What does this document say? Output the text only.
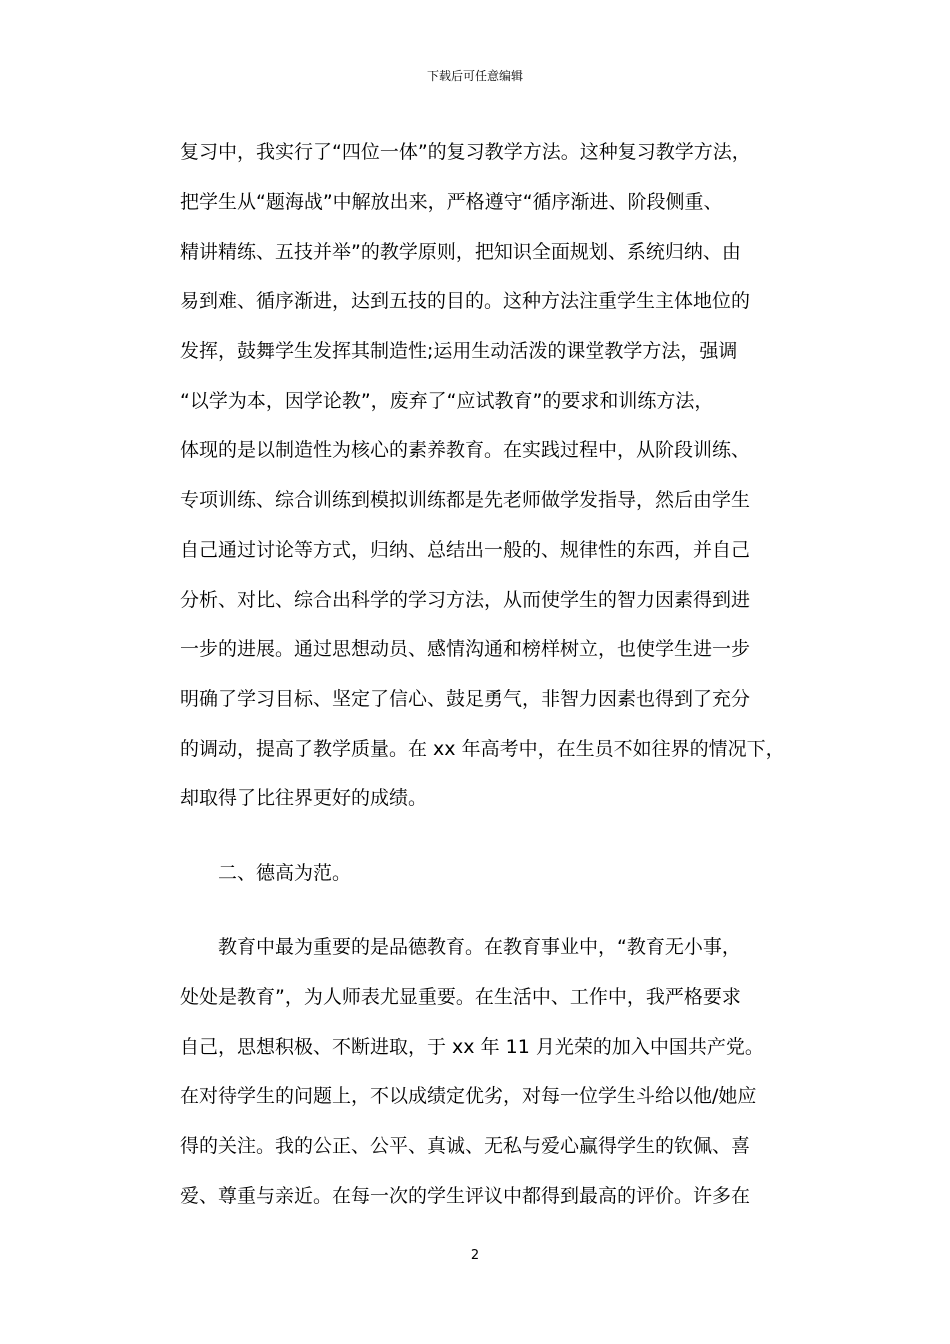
下载后可任意编辑
复习中，我实行了“四位一体”的复习教学方法。这种复习教学方法，
把学生从“题海战”中解放出来，严格遵守“循序渐进、阶段侧重、
精讲精练、五技并举”的教学原则，把知识全面规划、系统归纳、由
易到难、循序渐进，达到五技的目的。这种方法注重学生主体地位的
发挥，鼓舞学生发挥其制造性;运用生动活泼的课堂教学方法，强调
“以学为本，因学论教”，废弃了“应试教育”的要求和训练方法，
体现的是以制造性为核心的素养教育。在实践过程中，从阶段训练、
专项训练、综合训练到模拟训练都是先老师做学发指导，然后由学生
自己通过讨论等方式，归纳、总结出一般的、规律性的东西，并自己
分析、对比、综合出科学的学习方法，从而使学生的智力因素得到进
一步的进展。通过思想动员、感情沟通和榜样树立，也使学生进一步
明确了学习目标、坚定了信心、鼓足勇气，非智力因素也得到了充分
的调动，提高了教学质量。在 xx 年高考中，在生员不如往界的情况下，
却取得了比往界更好的成绩。
二、德高为范。
教育中最为重要的是品德教育。在教育事业中，“教育无小事，
处处是教育”，为人师表尤显重要。在生活中、工作中，我严格要求
自己，思想积极、不断进取，于 xx 年 11 月光荣的加入中国共产党。
在对待学生的问题上，不以成绩定优劣，对每一位学生斗给以他/她应
得的关注。我的公正、公平、真诚、无私与爱心赢得学生的钦佩、喜
爱、尊重与亲近。在每一次的学生评议中都得到最高的评价。许多在
2
